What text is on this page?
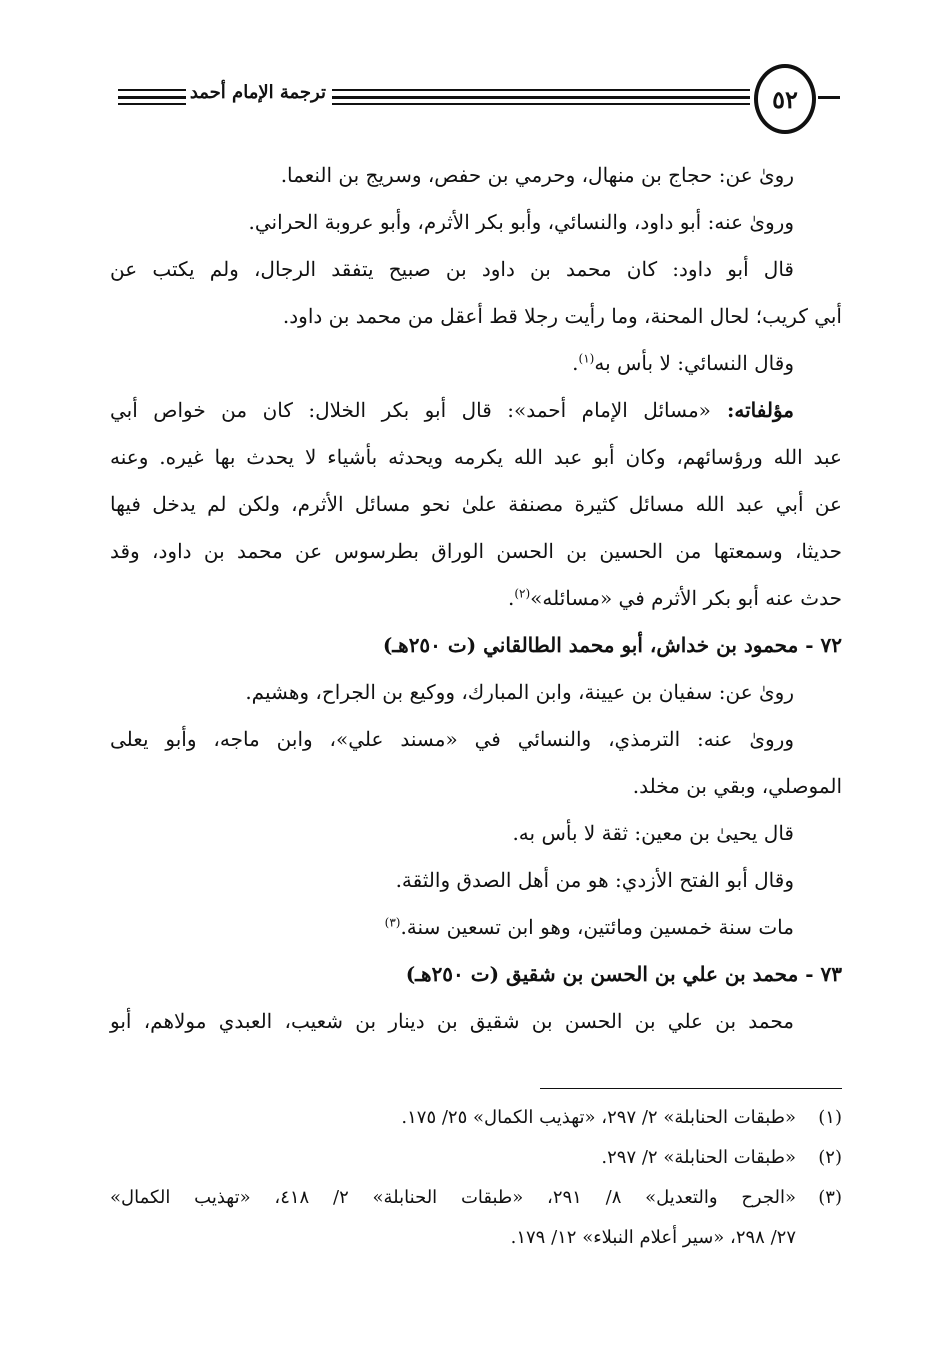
ترجمة الإمام أحمد	٥٢
رویٰ عن: حجاج بن منهال، وحرمي بن حفص، وسريج بن النعما.
وروىٰ عنه: أبو داود، والنسائي، وأبو بكر الأثرم، وأبو عروبة الحراني.
قال أبو داود: كان محمد بن داود بن صبيح يتفقد الرجال، ولم يكتب عن
أبي كريب؛ لحال المحنة، وما رأيت رجلا قط أعقل من محمد بن داود.
وقال النسائي: لا بأس به$^{(١)}$.
مؤلفاته: «مسائل الإمام أحمد»: قال أبو بكر الخلال: كان من خواص أبي
عبد الله ورؤسائهم، وكان أبو عبد الله يكرمه ويحدثه بأشياء لا يحدث بها غيره. وعنه
عن أبي عبد الله مسائل كثيرة مصنفة علىٰ نحو مسائل الأثرم، ولكن لم يدخل فيها
حديثا، وسمعتها من الحسين بن الحسن الوراق بطرسوس عن محمد بن داود، وقد
حدث عنه أبو بكر الأثرم في «مسائله»$^{(٢)}$.
٧٢ - محمود بن خداش، أبو محمد الطالقاني (ت ٢٥٠هـ)
روىٰ عن: سفيان بن عيينة، وابن المبارك، ووكيع بن الجراح، وهشيم.
وروىٰ عنه: الترمذي، والنسائي في «مسند علي»، وابن ماجه، وأبو يعلى
الموصلي، وبقي بن مخلد.
قال يحيىٰ بن معين: ثقة لا بأس به.
وقال أبو الفتح الأزدي: هو من أهل الصدق والثقة.
مات سنة خمسين ومائتين، وهو ابن تسعين سنة.$^{(٣)}$
٧٣ - محمد بن علي بن الحسن بن شقيق (ت ٢٥٠هـ)
محمد بن علي بن الحسن بن شقيق بن دينار بن شعيب، العبدي مولاهم، أبو
(١)«طبقات الحنابلة» ٢/ ٢٩٧، «تهذيب الكمال» ٢٥/ ١٧٥.
(٢)«طبقات الحنابلة» ٢/ ٢٩٧.
(٣)«الجرح والتعديل» ٨/ ٢٩١، «طبقات الحنابلة» ٢/ ٤١٨، «تهذيب الكمال»
٢٧/ ٢٩٨، «سير أعلام النبلاء» ١٢/ ١٧٩.
